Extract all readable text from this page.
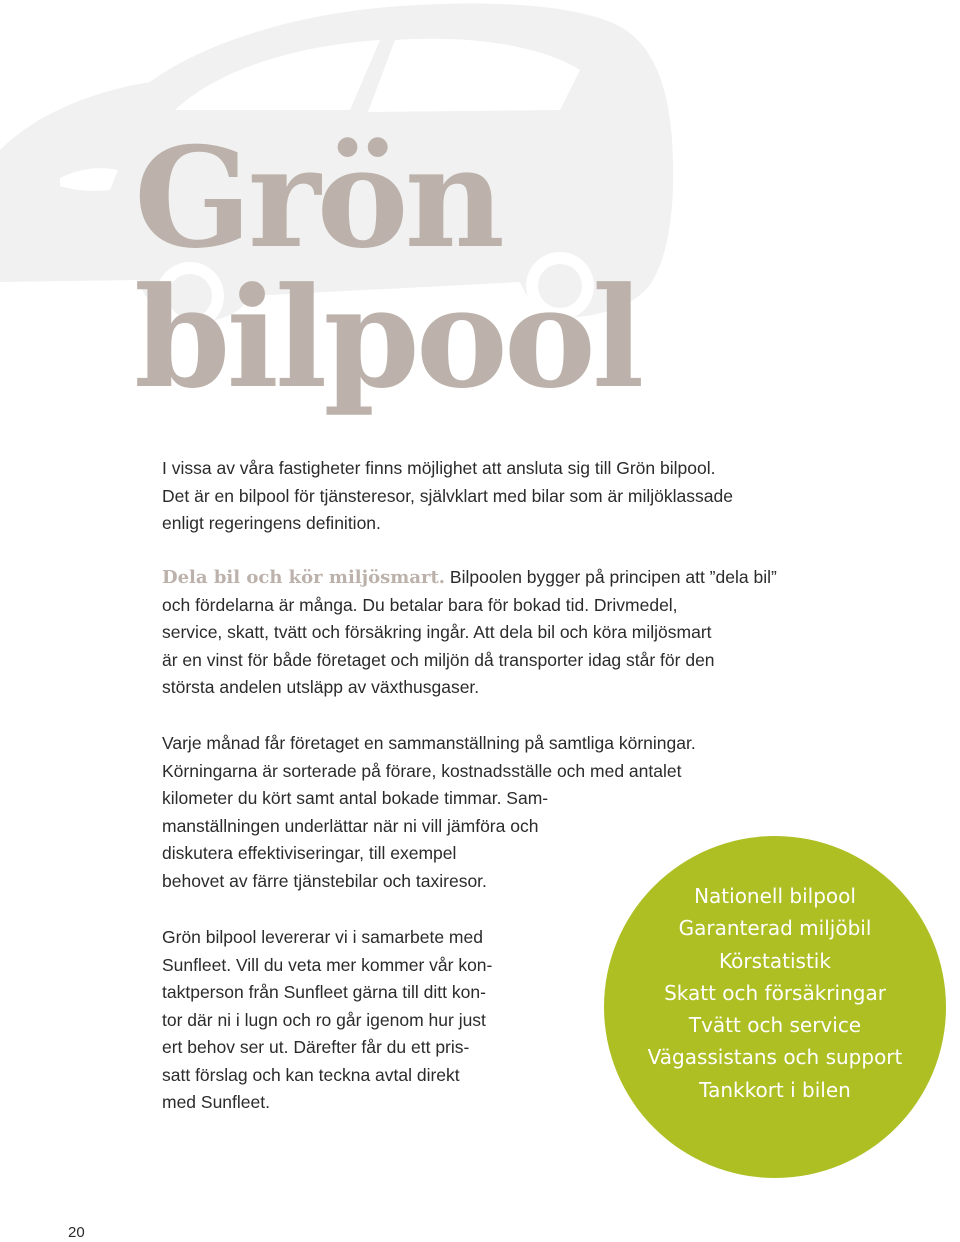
Grön
bilpool
I vissa av våra fastigheter finns möjlighet att ansluta sig till Grön bilpool.
Det är en bilpool för tjänsteresor, självklart med bilar som är miljöklassade
enligt regeringens definition.
Dela bil och kör miljösmart. Bilpoolen bygger på principen att ”dela bil”
och fördelarna är många. Du betalar bara för bokad tid. Drivmedel,
service, skatt, tvätt och försäkring ingår. Att dela bil och köra miljösmart
är en vinst för både företaget och miljön då transporter idag står för den
största andelen utsläpp av växthusgaser.
Varje månad får företaget en sammanställning på samtliga körningar.
Körningarna är sorterade på förare, kostnadsställe och med antalet
kilometer du kört samt antal bokade timmar. Sam-
manställningen underlättar när ni vill jämföra och
diskutera effektiviseringar, till exempel
behovet av färre tjänstebilar och taxiresor.
Grön bilpool levererar vi i samarbete med
Sunfleet. Vill du veta mer kommer vår kon-
taktperson från Sunfleet gärna till ditt kon-
tor där ni i lugn och ro går igenom hur just
ert behov ser ut. Därefter får du ett pris-
satt förslag och kan teckna avtal direkt
med Sunfleet.
Nationell bilpool
Garanterad miljöbil
Körstatistik
Skatt och försäkringar
Tvätt och service
Vägassistans och support
Tankkort i bilen
20
